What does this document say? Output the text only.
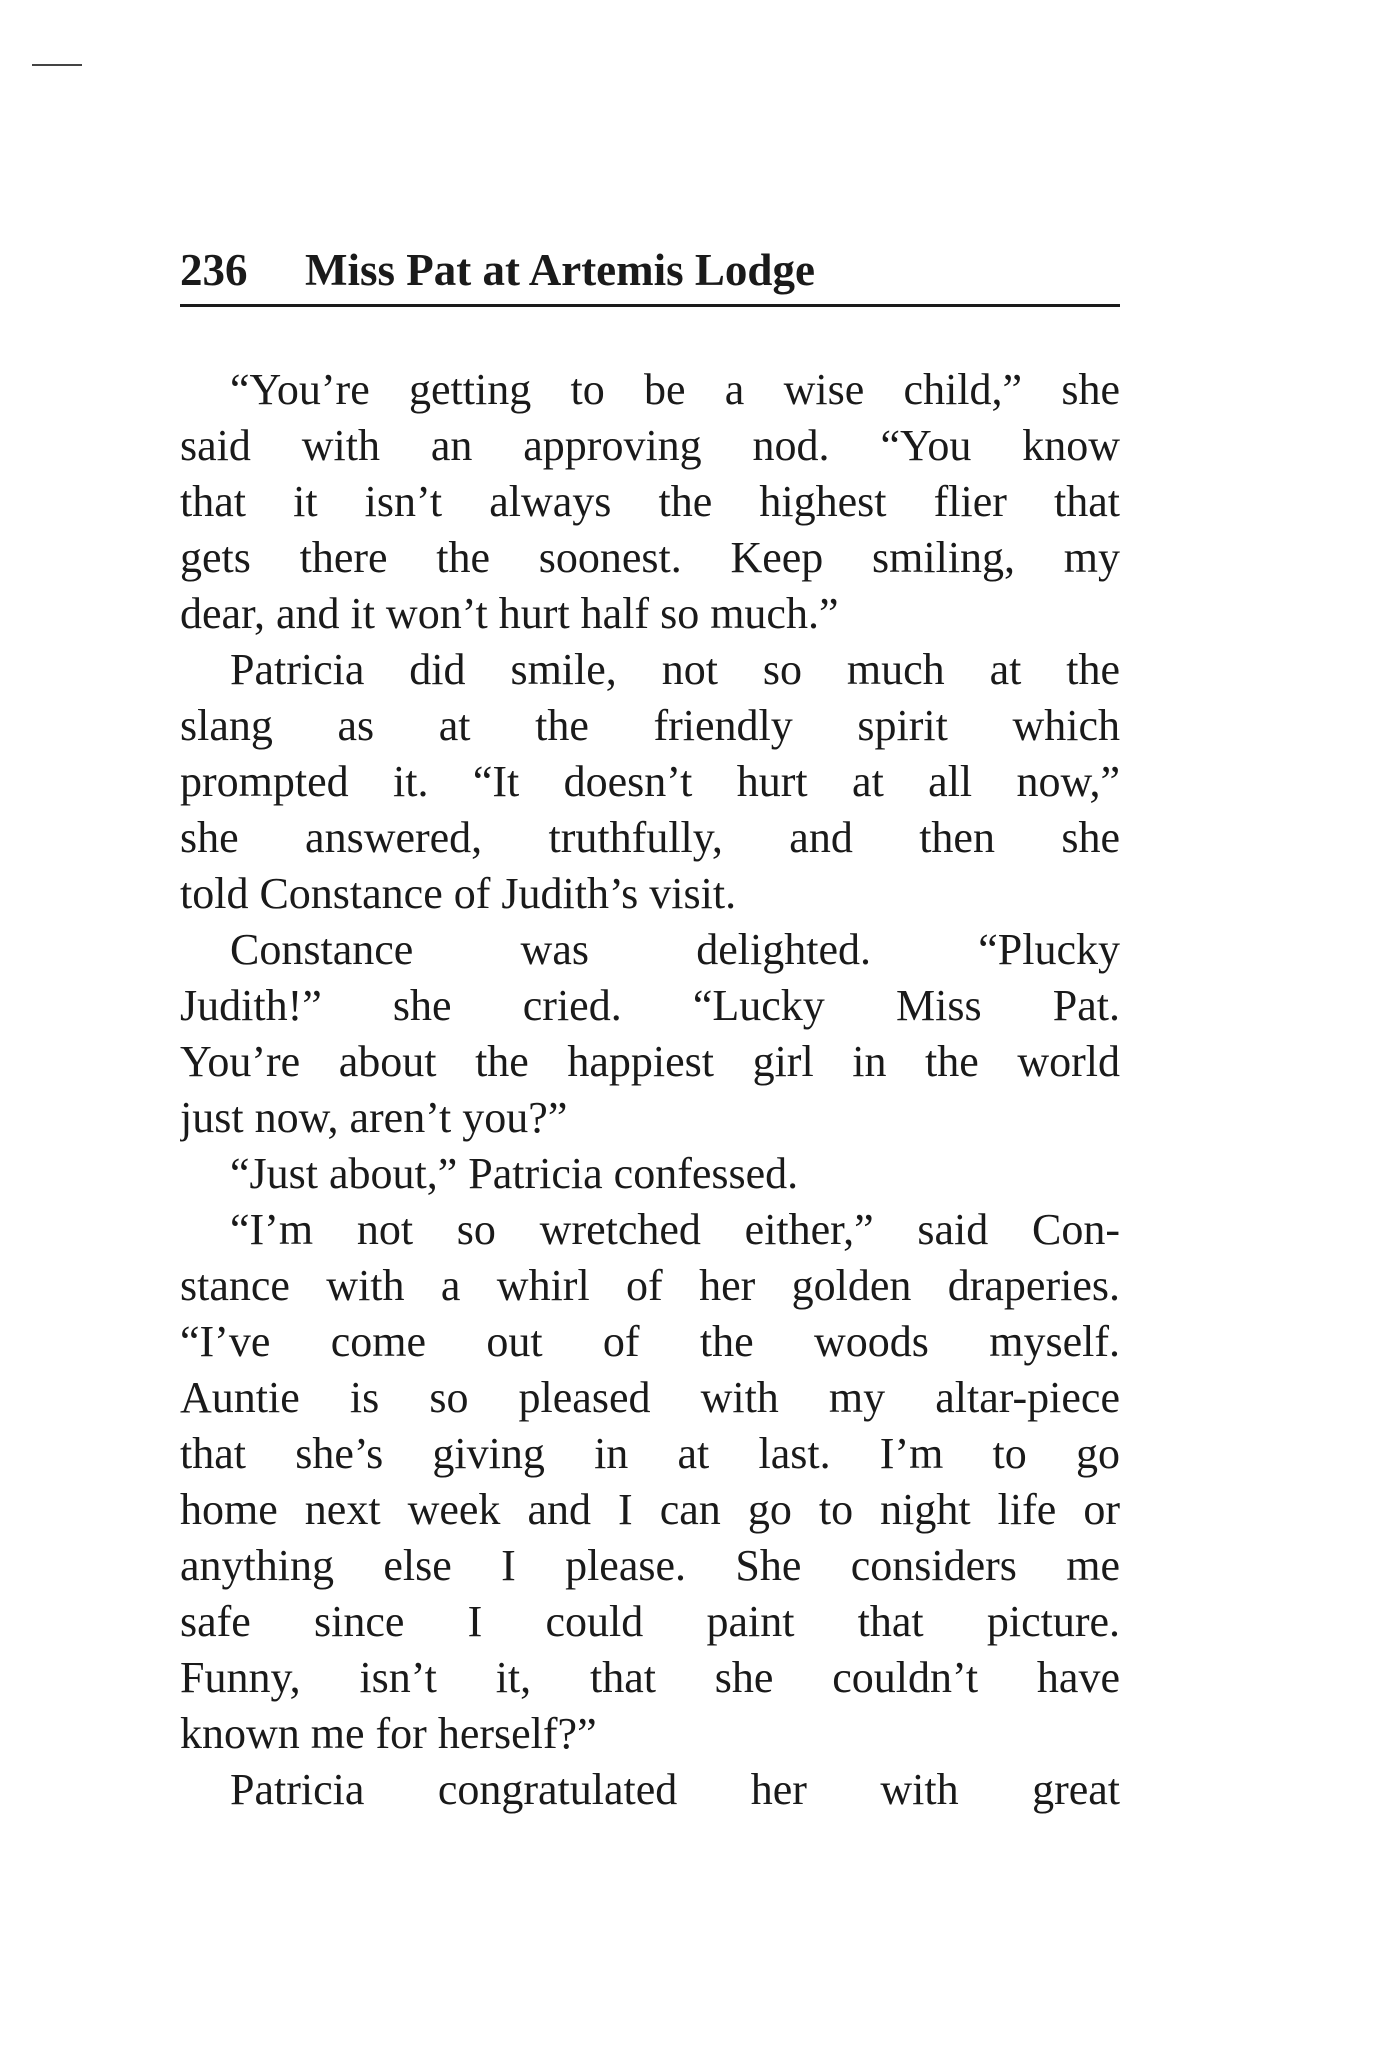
236 Miss Pat at Artemis Lodge
“You’re getting to be a wise child,” she
said with an approving nod. “You know
that it isn’t always the highest flier that
gets there the soonest. Keep smiling, my
dear, and it won’t hurt half so much.”
Patricia did smile, not so much at the
slang as at the friendly spirit which
prompted it. “It doesn’t hurt at all now,”
she answered, truthfully, and then she
told Constance of Judith’s visit.
Constance was delighted. “Plucky
Judith!” she cried. “Lucky Miss Pat.
You’re about the happiest girl in the world
just now, aren’t you?”
“Just about,” Patricia confessed.
“I’m not so wretched either,” said Con-
stance with a whirl of her golden draperies.
“I’ve come out of the woods myself.
Auntie is so pleased with my altar-piece
that she’s giving in at last. I’m to go
home next week and I can go to night life or
anything else I please. She considers me
safe since I could paint that picture.
Funny, isn’t it, that she couldn’t have
known me for herself?”
Patricia congratulated her with great
